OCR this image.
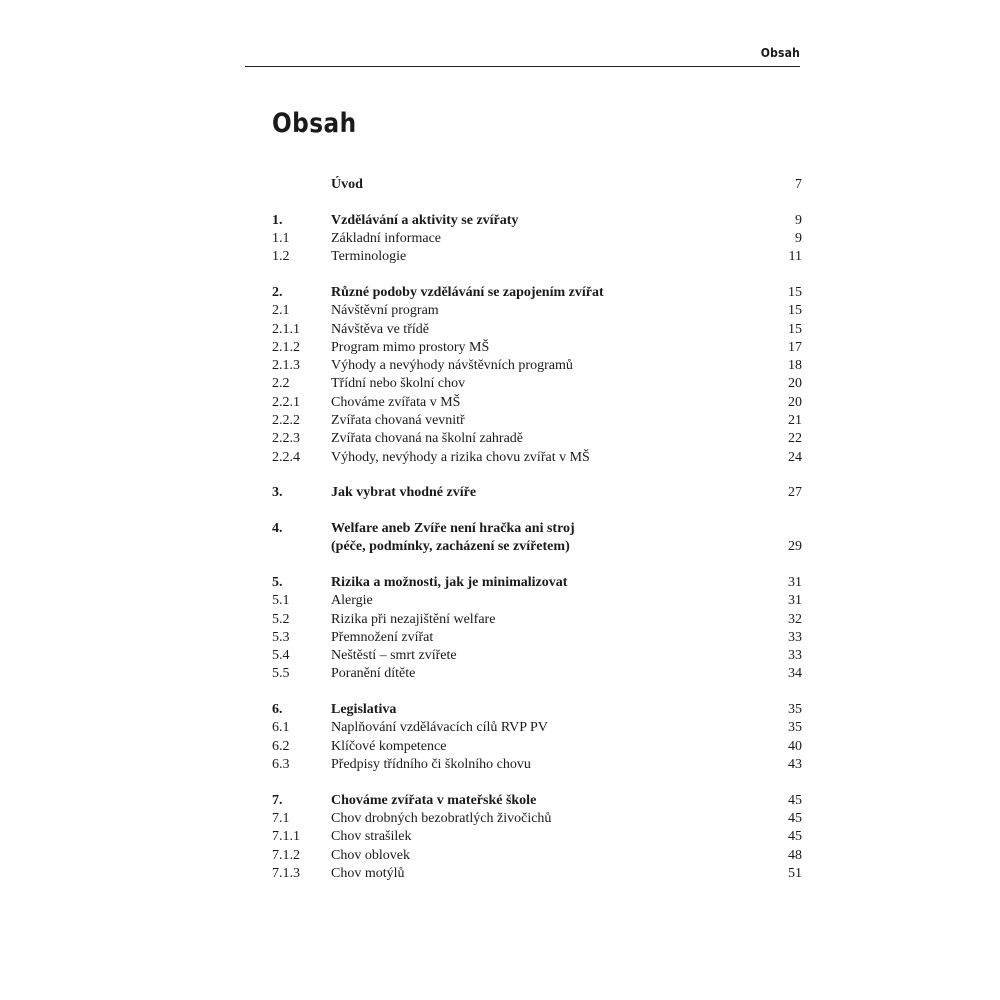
Obsah
Obsah
Úvod	7
1.	Vzdělávání a aktivity se zvířaty	9
1.1	Základní informace	9
1.2	Terminologie	11
2.	Různé podoby vzdělávání se zapojením zvířat	15
2.1	Návštěvní program	15
2.1.1 Návštěva ve třídě	15
2.1.2 Program mimo prostory MŠ	17
2.1.3 Výhody a nevýhody návštěvních programů	18
2.2	Třídní nebo školní chov	20
2.2.1 Chováme zvířata v MŠ	20
2.2.2 Zvířata chovaná vevnitř	21
2.2.3 Zvířata chovaná na školní zahradě	22
2.2.4 Výhody, nevýhody a rizika chovu zvířat v MŠ	24
3.	Jak vybrat vhodné zvíře	27
4.	Welfare aneb Zvíře není hračka ani stroj
(péče, podmínky, zacházení se zvířetem)	29
5.	Rizika a možnosti, jak je minimalizovat	31
5.1	Alergie	31
5.2	Rizika při nezajištění welfare	32
5.3	Přemnožení zvířat	33
5.4	Neštěstí – smrt zvířete	33
5.5	Poranění dítěte	34
6.	Legislativa	35
6.1	Naplňování vzdělávacích cílů RVP PV	35
6.2	Klíčové kompetence	40
6.3	Předpisy třídního či školního chovu	43
7.	Chováme zvířata v mateřské škole	45
7.1	Chov drobných bezobratlých živočichů	45
7.1.1 Chov strašilek	45
7.1.2 Chov oblovek	48
7.1.3 Chov motýlů	51
